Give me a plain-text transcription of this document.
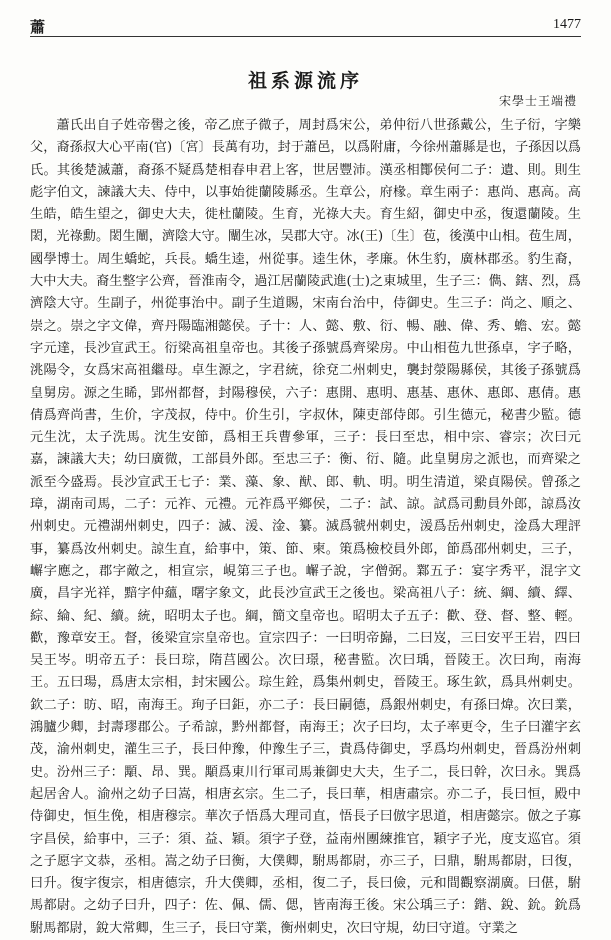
蕭	1477
祖系源流序
宋學士王端禮

蕭氏出自子姓帝嚳之後，帝乙庶子微子，周封爲宋公，弟仲衍八世孫戴公，生子衍，字樂父，裔孫叔大心平南(官)〔宮〕長萬有功，封于蕭邑，以爲附庸，今徐州蕭縣是也，子孫因以爲氏。其後楚滅蕭，裔孫不疑爲楚相春申君上客，世居豐沛。漢丞相酇侯何二子：遺、則。則生彪字伯文，諫議大夫、侍中，以事始徙蘭陵縣丞。生章公，府椽。章生兩子：惠尚、惠高。高生皓，皓生望之，御史大夫，徙杜蘭陵。生育，光祿大夫。育生紹，御史中丞，復還蘭陵。生閎，光祿勳。閎生闡，濟陰大守。闡生冰，吴郡大守。冰(王)〔生〕苞，後漢中山相。苞生周，國學博士。周生蟜蛇，兵長。蟜生逵，州從事。逵生休，孝廉。休生豹，廣林郡丞。豹生裔，大中大夫。裔生整字公齊，晉淮南令，過江居蘭陵武進(士)之東城里，生子三：儁、鎋、烈，爲濟陰大守。生副子，州從事治中。副子生道賜，宋南台治中，侍御史。生三子：尚之、順之、崇之。崇之字文偉，齊丹陽臨湘懿侯。子十：人、懿、敷、衍、暢、融、偉、秀、蟾、宏。懿字元達，長沙宣武王。衍梁高祖皇帝也。其後子孫號爲齊梁房。中山相苞九世孫卓，字子略，洮陽令，女爲宋高祖繼母。卓生源之，字君統，徐兗二州刺史，襲封滎陽縣侯，其後子孫號爲皇舅房。源之生睎，郢州都督，封陽穆侯，六子：惠開、惠明、惠基、惠休、惠郎、惠倩。惠倩爲齊尚書，生价，字茂叔，侍中。价生引，字叔休，陳吏部侍郎。引生德元，秘書少監。德元生沈，太子洗馬。沈生安節，爲相王兵曹參軍，三子：長曰至忠，相中宗、睿宗；次曰元嘉，諫議大夫；幼曰廣微，工部員外郎。至忠三子：衡、衍、隨。此皇舅房之派也，而齊梁之派至今盛焉。長沙宣武王七子：業、藻、象、猷、郎、軌、明。明生清道，梁貞陽侯。曾孫之璋，湖南司馬，二子：元祚、元禮。元祚爲平鄉侯，二子：試、諒。試爲司勳員外郎，諒爲汝州刺史。元禮湖州刺史，四子：滅、湲、淦、纂。滅爲虢州刺史，湲爲岳州刺史，淦爲大理評事，纂爲汝州刺史。諒生直，給事中，策、節、柬。策爲檢校員外郎，節爲邵州刺史，三子，嶰字應之，郡字敵之，相宣宗，峴第三子也。嶰子說，字僧弼。鄴五子：宴字秀平，混字文廣，昌字光祥，黯字仲蘊，曙字象文，此長沙宣武王之後也。梁高祖八子：統、綱、續、繹、綜、綸、紀、續。統，昭明太子也。綱，簡文皇帝也。昭明太子五子：歡、登、督、整、輕。歡，豫章安王。督，後梁宣宗皇帝也。宣宗四子：一曰明帝巋，二曰岌，三曰安平王岩，四曰吴王岑。明帝五子：長曰琮，隋莒國公。次曰璟，秘書監。次曰瑀，晉陵王。次曰珣，南海王。五曰瑒，爲唐太宗相，封宋國公。琮生銓，爲集州刺史，晉陵王。琢生欽，爲具州刺史。欽二子：昉、昭，南海王。珣子曰鉅，亦二子：長曰嗣德，爲銀州刺史，有孫曰煒。次曰業，鴻臚少卿，封壽璆郡公。子希諒，黔州都督，南海王；次子曰均，太子率更令，生子曰灌字玄茂，渝州刺史，灌生三子，長曰仲豫，仲豫生子三，貴爲侍御史，孚爲均州刺史，晉爲汾州刺史。汾州三子：顒、昂、巽。顒爲東川行軍司馬兼御史大夫，生子二，長曰幹，次曰永。巽爲起居舍人。渝州之幼子曰嵩，相唐玄宗。生二子，長曰華，相唐肅宗。亦二子，長曰恒，殿中侍御史，恒生俛，相唐穆宗。華次子悟爲大理司直，悟長子曰倣字思道，相唐懿宗。倣之子寡字昌侯，給事中，三子：須、益、穎。須字子登，益南州團練推官，穎字子光，度支巡官。須之子愿字文恭，丞相。嵩之幼子曰衡，大僕卿，駙馬都尉，亦三子，曰鼎，駙馬都尉，曰復，曰升。復字復宗，相唐德宗，升大僕卿，丞相，復二子，長曰儉，元和間觀察湖廣。曰偡，駙馬都尉。之幼子曰升，四子：佐、佩、儒、偲，皆南海王後。宋公瑀三子：鍇、銳、鈗。鈗爲駙馬都尉，銳大常卿，生三子，長曰守業，衡州刺史，次曰守規，幼曰守道。守業之
